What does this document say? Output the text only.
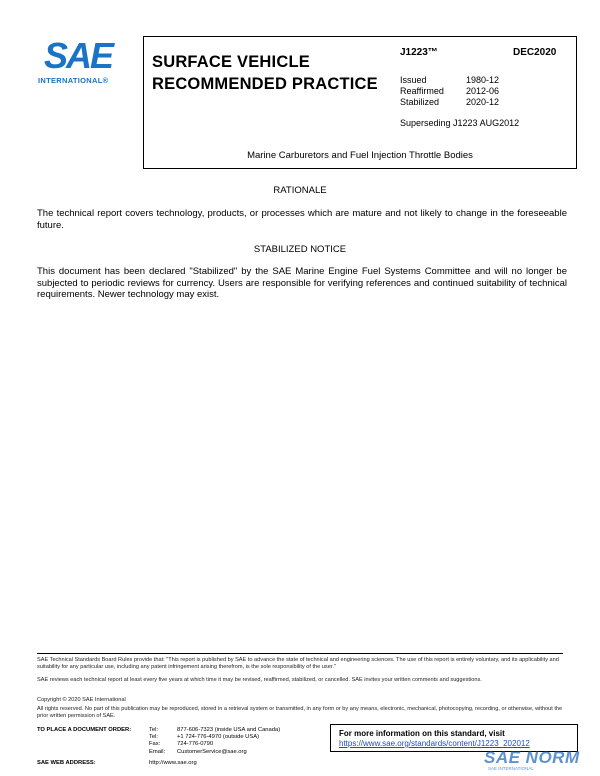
SAE
INTERNATIONAL®
SURFACE VEHICLE
RECOMMENDED PRACTICE
J1223™	DEC2020
Issued	1980-12
Reaffirmed	2012-06
Stabilized	2020-12
Superseding J1223 AUG2012
Marine Carburetors and Fuel Injection Throttle Bodies
RATIONALE
The technical report covers technology, products, or processes which are mature and not likely to change in the foreseeable future.
STABILIZED NOTICE
This document has been declared "Stabilized" by the SAE Marine Engine Fuel Systems Committee and will no longer be subjected to periodic reviews for currency. Users are responsible for verifying references and continued suitability of technical requirements. Newer technology may exist.
SAE Technical Standards Board Rules provide that: "This report is published by SAE to advance the state of technical and engineering sciences. The use of this report is entirely voluntary, and its applicability and suitability for any particular use, including any patent infringement arising therefrom, is the sole responsibility of the user."
SAE reviews each technical report at least every five years at which time it may be revised, reaffirmed, stabilized, or cancelled. SAE invites your written comments and suggestions.
Copyright © 2020 SAE International
All rights reserved. No part of this publication may be reproduced, stored in a retrieval system or transmitted, in any form or by any means, electronic, mechanical, photocopying, recording, or otherwise, without the prior written permission of SAE.
TO PLACE A DOCUMENT ORDER:	Tel:	877-606-7323 (inside USA and Canada)
Tel:	+1 724-776-4970 (outside USA)
Fax:	724-776-0790
Email:	CustomerService@sae.org
SAE WEB ADDRESS:	http://www.sae.org
For more information on this standard, visit
https://www.sae.org/standards/content/J1223_202012
SAE NORM
SAE INTERNATIONAL
